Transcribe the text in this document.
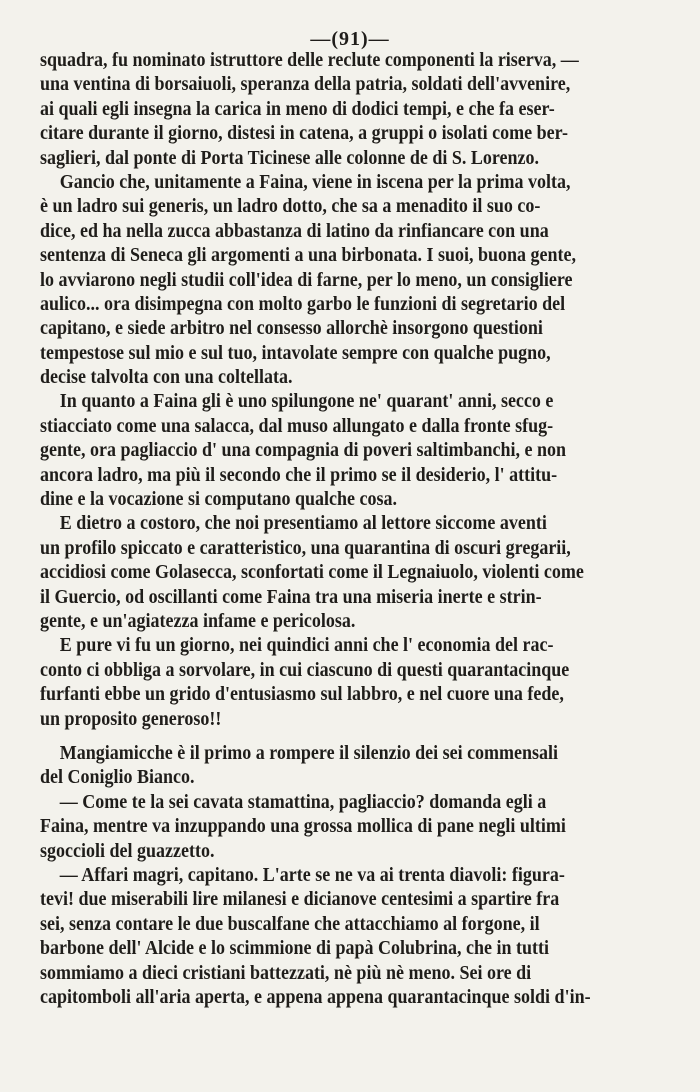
—(91)—
squadra, fu nominato istruttore delle reclute componenti la riserva, —
una ventina di borsaiuoli, speranza della patria, soldati dell'avvenire,
ai quali egli insegna la carica in meno di dodici tempi, e che fa eser-
citare durante il giorno, distesi in catena, a gruppi o isolati come ber-
saglieri, dal ponte di Porta Ticinese alle colonne de di S. Lorenzo.
Gancio che, unitamente a Faina, viene in iscena per la prima volta,
è un ladro sui generis, un ladro dotto, che sa a menadito il suo co-
dice, ed ha nella zucca abbastanza di latino da rinfiancare con una
sentenza di Seneca gli argomenti a una birbonata. I suoi, buona gente,
lo avviarono negli studii coll'idea di farne, per lo meno, un consigliere
aulico... ora disimpegna con molto garbo le funzioni di segretario del
capitano, e siede arbitro nel consesso allorchè insorgono questioni
tempestose sul mio e sul tuo, intavolate sempre con qualche pugno,
decise talvolta con una coltellata.
In quanto a Faina gli è uno spilungone ne' quarant' anni, secco e
stiacciato come una salacca, dal muso allungato e dalla fronte sfug-
gente, ora pagliaccio d' una compagnia di poveri saltimbanchi, e non
ancora ladro, ma più il secondo che il primo se il desiderio, l' attitu-
dine e la vocazione si computano qualche cosa.
E dietro a costoro, che noi presentiamo al lettore siccome aventi
un profilo spiccato e caratteristico, una quarantina di oscuri gregarii,
accidiosi come Golasecca, sconfortati come il Legnaiuolo, violenti come
il Guercio, od oscillanti come Faina tra una miseria inerte e strin-
gente, e un'agiatezza infame e pericolosa.
E pure vi fu un giorno, nei quindici anni che l' economia del rac-
conto ci obbliga a sorvolare, in cui ciascuno di questi quarantacinque
furfanti ebbe un grido d'entusiasmo sul labbro, e nel cuore una fede,
un proposito generoso!!
Mangiamicche è il primo a rompere il silenzio dei sei commensali
del Coniglio Bianco.
— Come te la sei cavata stamattina, pagliaccio? domanda egli a
Faina, mentre va inzuppando una grossa mollica di pane negli ultimi
sgoccioli del guazzetto.
— Affari magri, capitano. L'arte se ne va ai trenta diavoli: figura-
tevi! due miserabili lire milanesi e dicianove centesimi a spartire fra
sei, senza contare le due buscalfane che attacchiamo al forgone, il
barbone dell' Alcide e lo scimmione di papà Colubrina, che in tutti
sommiamo a dieci cristiani battezzati, nè più nè meno. Sei ore di
capitomboli all'aria aperta, e appena appena quarantacinque soldi d'in-
